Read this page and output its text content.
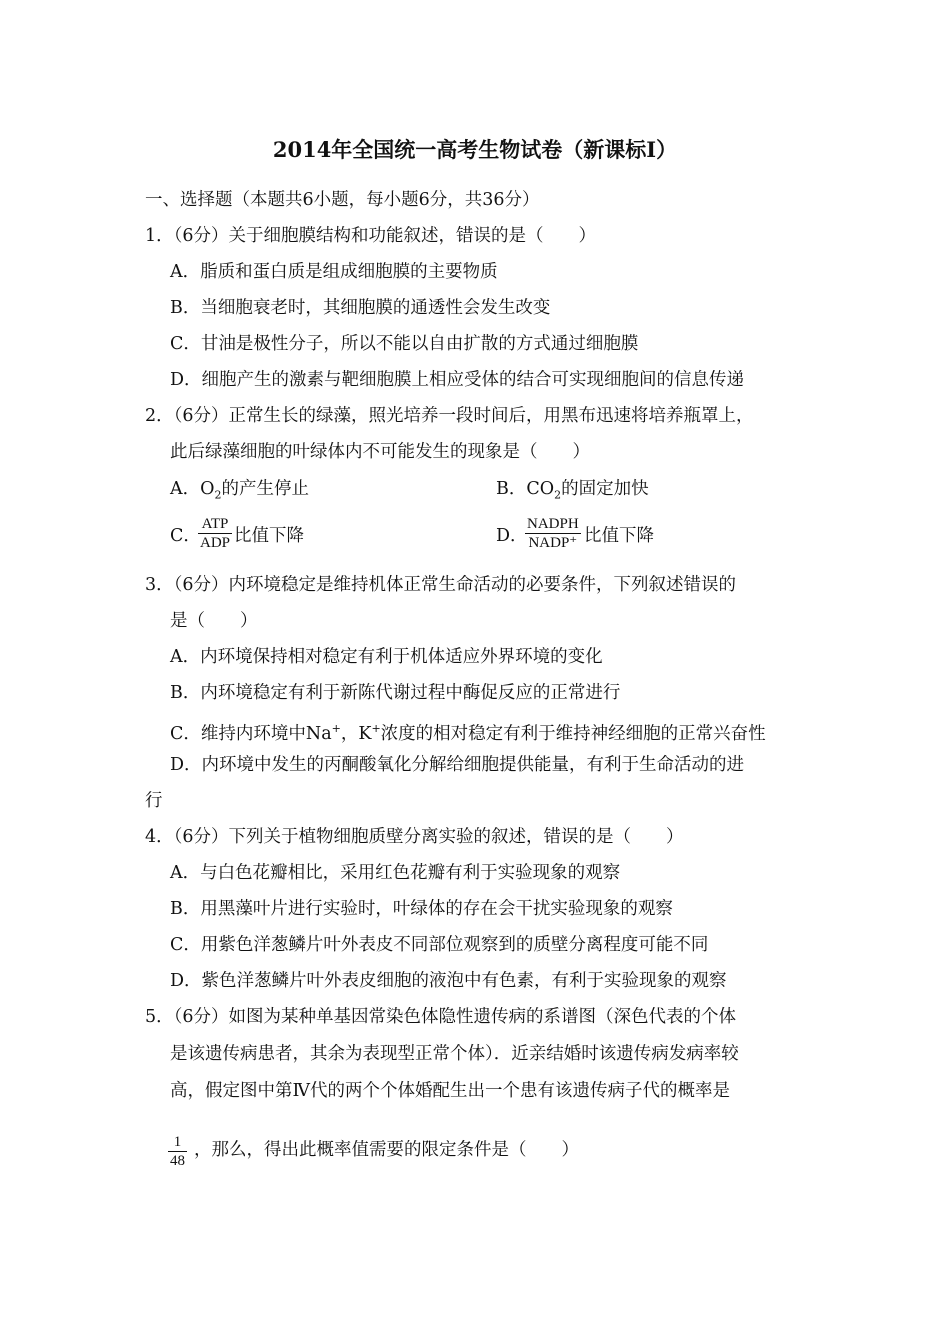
2014年全国统一高考生物试卷（新课标Ⅰ）
一、选择题（本题共6小题，每小题6分，共36分）
1．（6分）关于细胞膜结构和功能叙述，错误的是（　　）
A．脂质和蛋白质是组成细胞膜的主要物质
B．当细胞衰老时，其细胞膜的通透性会发生改变
C．甘油是极性分子，所以不能以自由扩散的方式通过细胞膜
D．细胞产生的激素与靶细胞膜上相应受体的结合可实现细胞间的信息传递
2．（6分）正常生长的绿藻，照光培养一段时间后，用黑布迅速将培养瓶罩上，
此后绿藻细胞的叶绿体内不可能发生的现象是（　　）
A．$O_2$的产生停止	B．$CO_2$的固定加快
C．
ATP
ADP 比值下降	D．
NADPH
NADP⁺ 比值下降
3．（6分）内环境稳定是维持机体正常生命活动的必要条件，下列叙述错误的
是（　　）
A．内环境保持相对稳定有利于机体适应外界环境的变化
B．内环境稳定有利于新陈代谢过程中酶促反应的正常进行
C．维持内环境中Na+，K+浓度的相对稳定有利于维持神经细胞的正常兴奋性
D．内环境中发生的丙酮酸氧化分解给细胞提供能量，有利于生命活动的进
行
4．（6分）下列关于植物细胞质壁分离实验的叙述，错误的是（　　）
A．与白色花瓣相比，采用红色花瓣有利于实验现象的观察
B．用黑藻叶片进行实验时，叶绿体的存在会干扰实验现象的观察
C．用紫色洋葱鳞片叶外表皮不同部位观察到的质壁分离程度可能不同
D．紫色洋葱鳞片叶外表皮细胞的液泡中有色素，有利于实验现象的观察
5．（6分）如图为某种单基因常染色体隐性遗传病的系谱图（深色代表的个体
是该遗传病患者，其余为表现型正常个体）．近亲结婚时该遗传病发病率较
高，假定图中第Ⅳ代的两个个体婚配生出一个患有该遗传病子代的概率是
$\frac{1}{48}$ ，那么，得出此概率值需要的限定条件是（　　）
